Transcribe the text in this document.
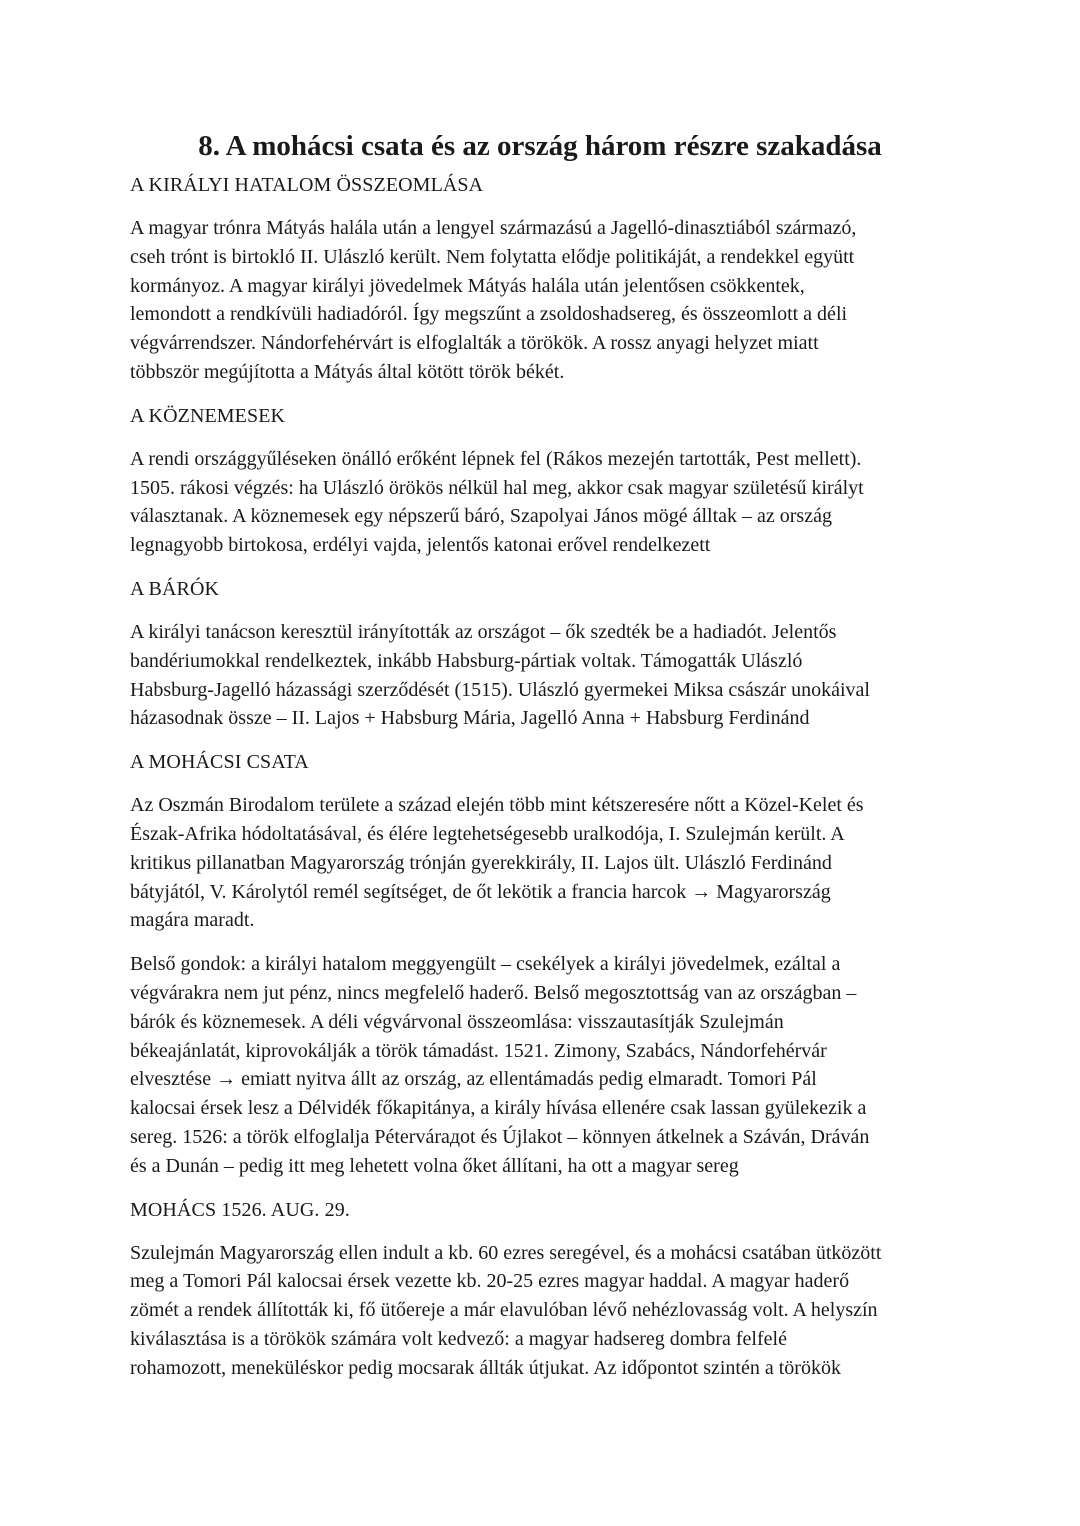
8. A mohácsi csata és az ország három részre szakadása
A KIRÁLYI HATALOM ÖSSZEOMLÁSA

A magyar trónra Mátyás halála után a lengyel származású a Jagelló-dinasztiából származó,
cseh trónt is birtokló II. Ulászló került. Nem folytatta elődje politikáját, a rendekkel együtt
kormányoz. A magyar királyi jövedelmek Mátyás halála után jelentősen csökkentek,
lemondott a rendkívüli hadiadóról. Így megszűnt a zsoldoshadsereg, és összeomlott a déli
végvárrendszer. Nándorfehérvárt is elfoglalták a törökök. A rossz anyagi helyzet miatt
többször megújította a Mátyás által kötött török békét.

A KÖZNEMESEK

A rendi országgyűléseken önálló erőként lépnek fel (Rákos mezején tartották, Pest mellett).
1505. rákosi végzés: ha Ulászló örökös nélkül hal meg, akkor csak magyar születésű királyt
választanak. A köznemesek egy népszerű báró, Szapolyai János mögé álltak – az ország
legnagyobb birtokosa, erdélyi vajda, jelentős katonai erővel rendelkezett

A BÁRÓK

A királyi tanácson keresztül irányították az országot – ők szedték be a hadiadót. Jelentős
bandériumokkal rendelkeztek, inkább Habsburg-pártiak voltak. Támogatták Ulászló
Habsburg-Jagelló házassági szerződését (1515). Ulászló gyermekei Miksa császár unokáival
házasodnak össze – II. Lajos + Habsburg Mária, Jagelló Anna + Habsburg Ferdinánd

A MOHÁCSI CSATA

Az Oszmán Birodalom területe a század elején több mint kétszeresére nőtt a Közel-Kelet és
Észak-Afrika hódoltatásával, és élére legtehetségesebb uralkodója, I. Szulejmán került. A
kritikus pillanatban Magyarország trónján gyerekkirály, II. Lajos ült. Ulászló Ferdinánd
bátyjától, V. Károlytól remél segítséget, de őt lekötik a francia harcok → Magyarország
magára maradt.

Belső gondok: a királyi hatalom meggyengült – csekélyek a királyi jövedelmek, ezáltal a
végvárakra nem jut pénz, nincs megfelelő haderő. Belső megosztottság van az országban –
bárók és köznemesek. A déli végvárvonal összeomlása: visszautasítják Szulejmán
békeajánlatát, kiprovokálják a török támadást. 1521. Zimony, Szabács, Nándorfehérvár
elvesztése → emiatt nyitva állt az ország, az ellentámadás pedig elmaradt. Tomori Pál
kalocsai érsek lesz a Délvidék főkapitánya, a király hívása ellenére csak lassan gyülekezik a
sereg. 1526: a török elfoglalja Pétervárадot és Újlakot – könnyen átkelnek a Száván, Dráván
és a Dunán – pedig itt meg lehetett volna őket állítani, ha ott a magyar sereg

MOHÁCS 1526. AUG. 29.

Szulejmán Magyarország ellen indult a kb. 60 ezres seregével, és a mohácsi csatában ütközött
meg a Tomori Pál kalocsai érsek vezette kb. 20-25 ezres magyar haddal. A magyar haderő
zömét a rendek állították ki, fő ütőereje a már elavulóban lévő nehézlovasság volt. A helyszín
kiválasztása is a törökök számára volt kedvező: a magyar hadsereg dombra felfelé
rohamozott, meneküléskor pedig mocsarak állták útjukat. Az időpontot szintén a törökök
